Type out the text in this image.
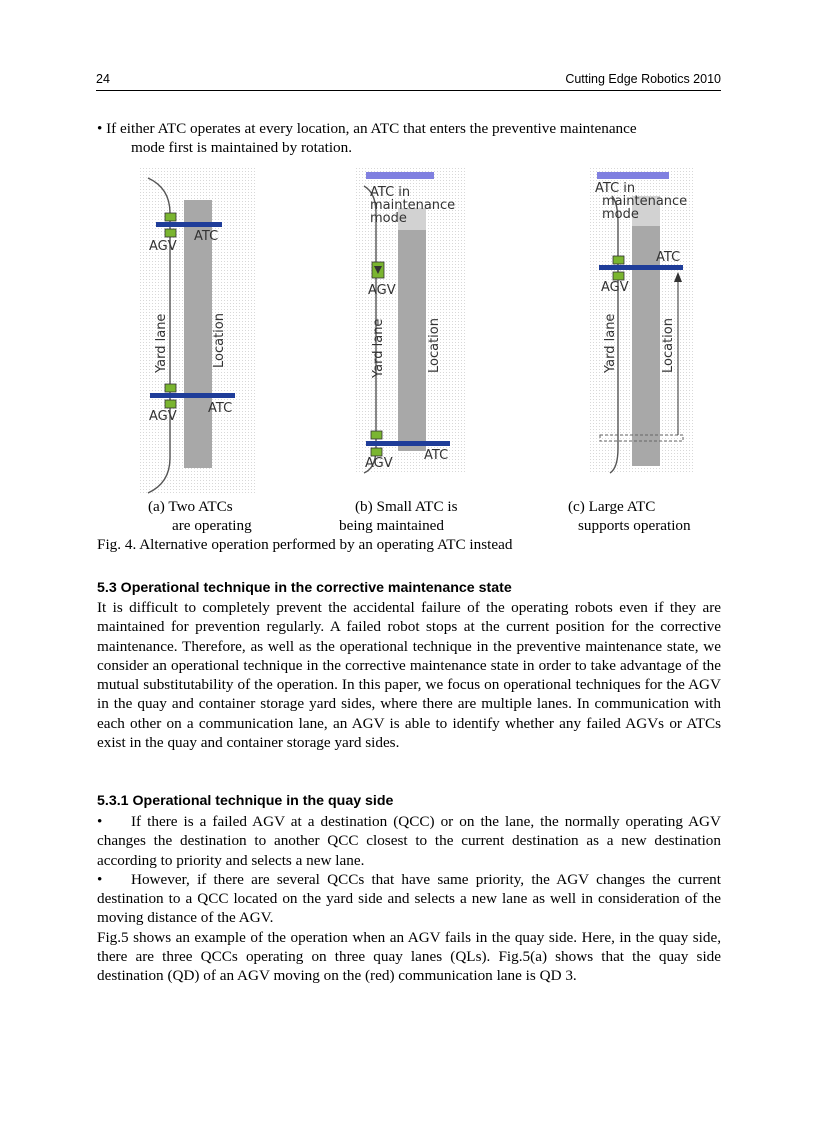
24	Cutting Edge Robotics 2010
• If either ATC operates at every location, an ATC that enters the preventive maintenance
mode first is maintained by rotation.
ATC
AGV
ATC
AGV
Yard lane	Location
ATC in
maintenance
mode
AGV
ATC
AGV
Yard lane	Location
ATC in
maintenance
mode
ATC
AGV
Yard lane	Location
(a) Two ATCs
are operating
(b) Small ATC is
being maintained
(c) Large ATC
supports operation
Fig. 4. Alternative operation performed by an operating ATC instead
5.3 Operational technique in the corrective maintenance state
It is difficult to completely prevent the accidental failure of the operating robots even if they are maintained for prevention regularly. A failed robot stops at the current position for the corrective maintenance. Therefore, as well as the operational technique in the preventive maintenance state, we consider an operational technique in the corrective maintenance state in order to take advantage of the mutual substitutability of the operation. In this paper, we focus on operational techniques for the AGV in the quay and container storage yard sides, where there are multiple lanes. In communication with each other on a communication lane, an AGV is able to identify whether any failed AGVs or ATCs exist in the quay and container storage yard sides.
5.3.1 Operational technique in the quay side
• If there is a failed AGV at a destination (QCC) or on the lane, the normally operating AGV changes the destination to another QCC closest to the current destination as a new destination according to priority and selects a new lane.
• However, if there are several QCCs that have same priority, the AGV changes the current destination to a QCC located on the yard side and selects a new lane as well in consideration of the moving distance of the AGV.
Fig.5 shows an example of the operation when an AGV fails in the quay side. Here, in the quay side, there are three QCCs operating on three quay lanes (QLs). Fig.5(a) shows that the quay side destination (QD) of an AGV moving on the (red) communication lane is QD 3.
